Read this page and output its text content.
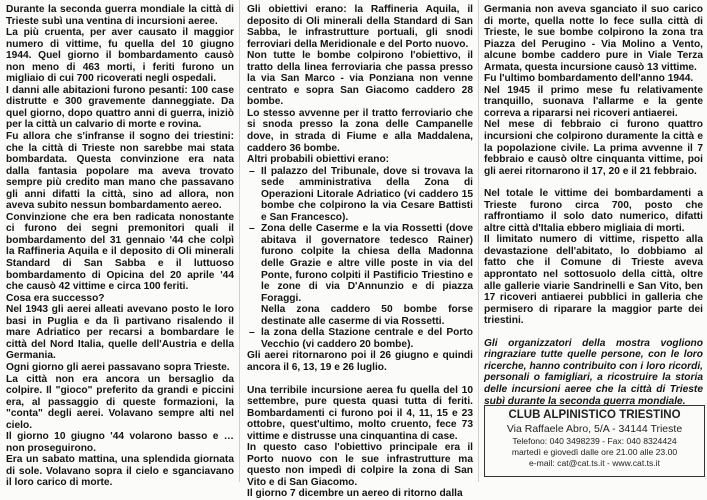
Durante la seconda guerra mondiale la città di Trieste subì una ventina di incursioni aeree.

La più cruenta, per aver causato il maggior numero di vittime, fu quella del 10 giugno 1944. Quel giorno il bombardamento causò non meno di 463 morti, i feriti furono un migliaio di cui 700 ricoverati negli ospedali.

I danni alle abitazioni furono pesanti: 100 case distrutte e 300 gravemente danneggiate. Da quel giorno, dopo quattro anni di guerra, iniziò per la città un calvario di morte e rovina.

Fu allora che s'infranse il sogno dei triestini: che la città di Trieste non sarebbe mai stata bombardata. Questa convinzione era nata dalla fantasia popolare ma aveva trovato sempre più credito man mano che passavano gli anni difatti la città, sino ad allora, non aveva subito nessun bombardamento aereo.

Convinzione che era ben radicata nonostante ci furono dei segni premonitori quali il bombardamento del 31 gennaio '44 che colpì la Raffineria Aquila e il deposito di Oli minerali Standard di San Sabba e il luttuoso bombardamento di Opicina del 20 aprile '44 che causò 42 vittime e circa 100 feriti.

Cosa era successo?

Nel 1943 gli aerei alleati avevano posto le loro basi in Puglia e da lì partivano risalendo il mare Adriatico per recarsi a bombardare le città del Nord Italia, quelle dell'Austria e della Germania.

Ogni giorno gli aerei passavano sopra Trieste.

La città non era ancora un bersaglio da colpire. Il "gioco" preferito da grandi e piccini era, al passaggio di queste formazioni, la "conta" degli aerei. Volavano sempre alti nel cielo.

Il giorno 10 giugno '44 volarono basso e … non proseguirono.

Era un sabato mattina, una splendida giornata di sole. Volavano sopra il cielo e sganciavano il loro carico di morte.

Gli obiettivi erano: la Raffineria Aquila, il deposito di Oli minerali della Standard di San Sabba, le infrastrutture portuali, gli snodi ferroviari della Meridionale e del Porto nuovo.

Non tutte le bombe colpirono l'obiettivo, il tratto della linea ferroviaria che passa presso la via San Marco - via Ponziana non venne centrato e sopra San Giacomo caddero 28 bombe.

Lo stesso avvenne per il tratto ferroviario che si snoda presso la zona delle Campanelle dove, in strada di Fiume e alla Maddalena, caddero 36 bombe.

Altri probabili obiettivi erano:

– Il palazzo del Tribunale, dove si trovava la sede amministrativa della Zona di Operazioni Litorale Adriatico (vi caddero 15 bombe che colpirono la via Cesare Battisti e San Francesco).
– Zona delle Caserme e la via Rossetti (dove abitava il governatore tedesco Rainer) furono colpite la chiesa della Madonna delle Grazie e altre ville poste in via del Ponte, furono colpiti il Pastificio Triestino e le zone di via D'Annunzio e di piazza Foraggi.

Nella zona caddero 50 bombe forse destinate alle caserme di via Rossetti.

– la zona della Stazione centrale e del Porto Vecchio (vi caddero 20 bombe).

Gli aerei ritornarono poi il 26 giugno e quindi ancora il 6, 13, 19 e 26 luglio.

Una terribile incursione aerea fu quella del 10 settembre, pure questa quasi tutta di feriti. Bombardamenti ci furono poi il 4, 11, 15 e 23 ottobre, quest'ultimo, molto cruento, fece 73 vittime e distrusse una cinquantina di case.

In questo caso l'obiettivo principale era il Porto nuovo con le sue infrastrutture ma questo non impedì di colpire la zona di San Vito e di San Giacomo.

Il giorno 7 dicembre un aereo di ritorno dalla

Germania non aveva sganciato il suo carico di morte, quella notte lo fece sulla città di Trieste, le sue bombe colpirono la zona tra Piazza del Perugino - Via Molino a Vento, alcune bombe caddero pure in Viale Terza Armata, questa incursione causò 13 vittime.

Fu l'ultimo bombardamento dell'anno 1944.

Nel 1945 il primo mese fu relativamente tranquillo, suonava l'allarme e la gente correva a ripararsi nei ricoveri antiaerei.

Nel mese di febbraio ci furono quattro incursioni che colpirono duramente la città e la popolazione civile. La prima avvenne il 7 febbraio e causò oltre cinquanta vittime, poi gli aerei ritornarono il 17, 20 e il 21 febbraio.

Nel totale le vittime dei bombardamenti a Trieste furono circa 700, posto che raffrontiamo il solo dato numerico, difatti altre città d'Italia ebbero migliaia di morti.

Il limitato numero di vittime, rispetto alla devastazione dell'abitato, lo dobbiamo al fatto che il Comune di Trieste aveva approntato nel sottosuolo della città, oltre alle gallerie viarie Sandrinelli e San Vito, ben 17 ricoveri antiaerei pubblici in galleria che permisero di riparare la maggior parte dei triestini.

Gli organizzatori della mostra vogliono ringraziare tutte quelle persone, con le loro ricerche, hanno contribuito con i loro ricordi, personali o famigliari, a ricostruire la storia delle incursioni aeree che la città di Trieste subì durante la seconda guerra mondiale.

CLUB ALPINISTICO TRIESTINO
Via Raffaele Abro, 5/A - 34144 Trieste
Telefono: 040 3498239 - Fax: 040 8324424
martedì e giovedì dalle ore 21.00 alle 23.00
e-mail: cat@cat.ts.it - www.cat.ts.it
